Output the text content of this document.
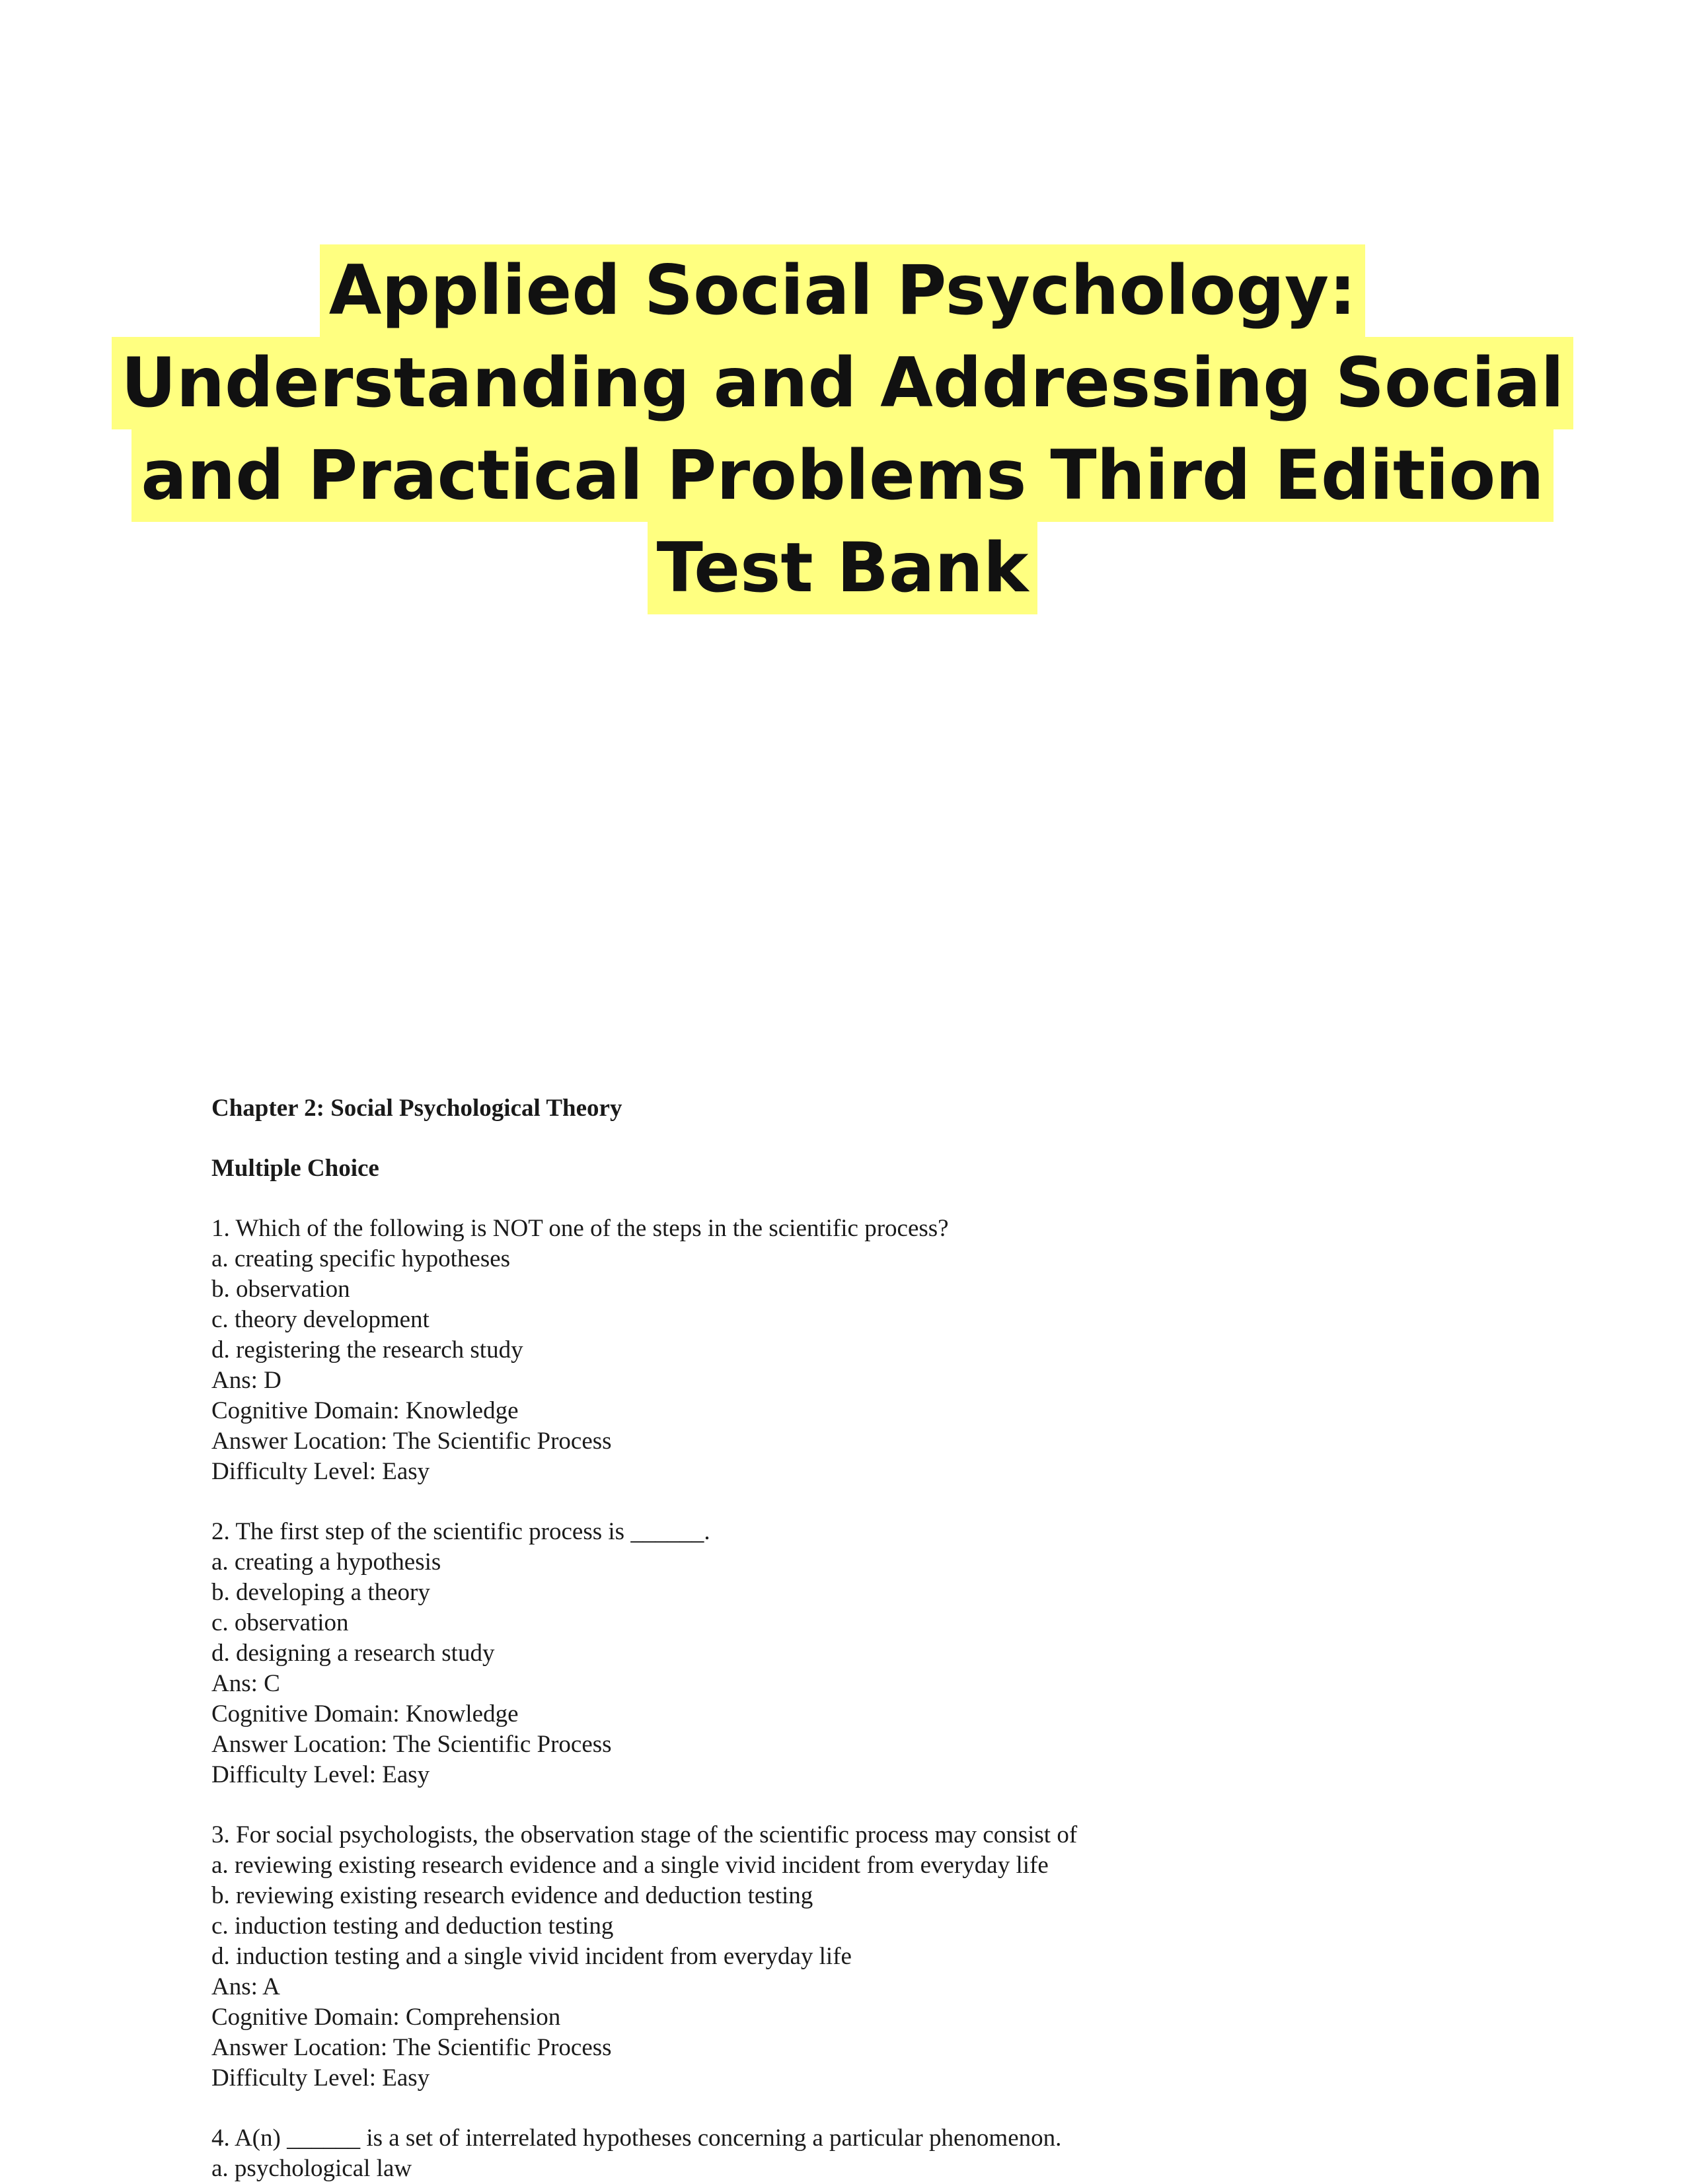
Applied Social Psychology:
Understanding and Addressing Social
and Practical Problems Third Edition
Test Bank
Chapter 2: Social Psychological Theory
Multiple Choice
1. Which of the following is NOT one of the steps in the scientific process?
a. creating specific hypotheses
b. observation
c. theory development
d. registering the research study
Ans: D
Cognitive Domain: Knowledge
Answer Location: The Scientific Process
Difficulty Level: Easy
2. The first step of the scientific process is ______.
a. creating a hypothesis
b. developing a theory
c. observation
d. designing a research study
Ans: C
Cognitive Domain: Knowledge
Answer Location: The Scientific Process
Difficulty Level: Easy
3. For social psychologists, the observation stage of the scientific process may consist of
a. reviewing existing research evidence and a single vivid incident from everyday life
b. reviewing existing research evidence and deduction testing
c. induction testing and deduction testing
d. induction testing and a single vivid incident from everyday life
Ans: A
Cognitive Domain: Comprehension
Answer Location: The Scientific Process
Difficulty Level: Easy
4. A(n) ______ is a set of interrelated hypotheses concerning a particular phenomenon.
a. psychological law
